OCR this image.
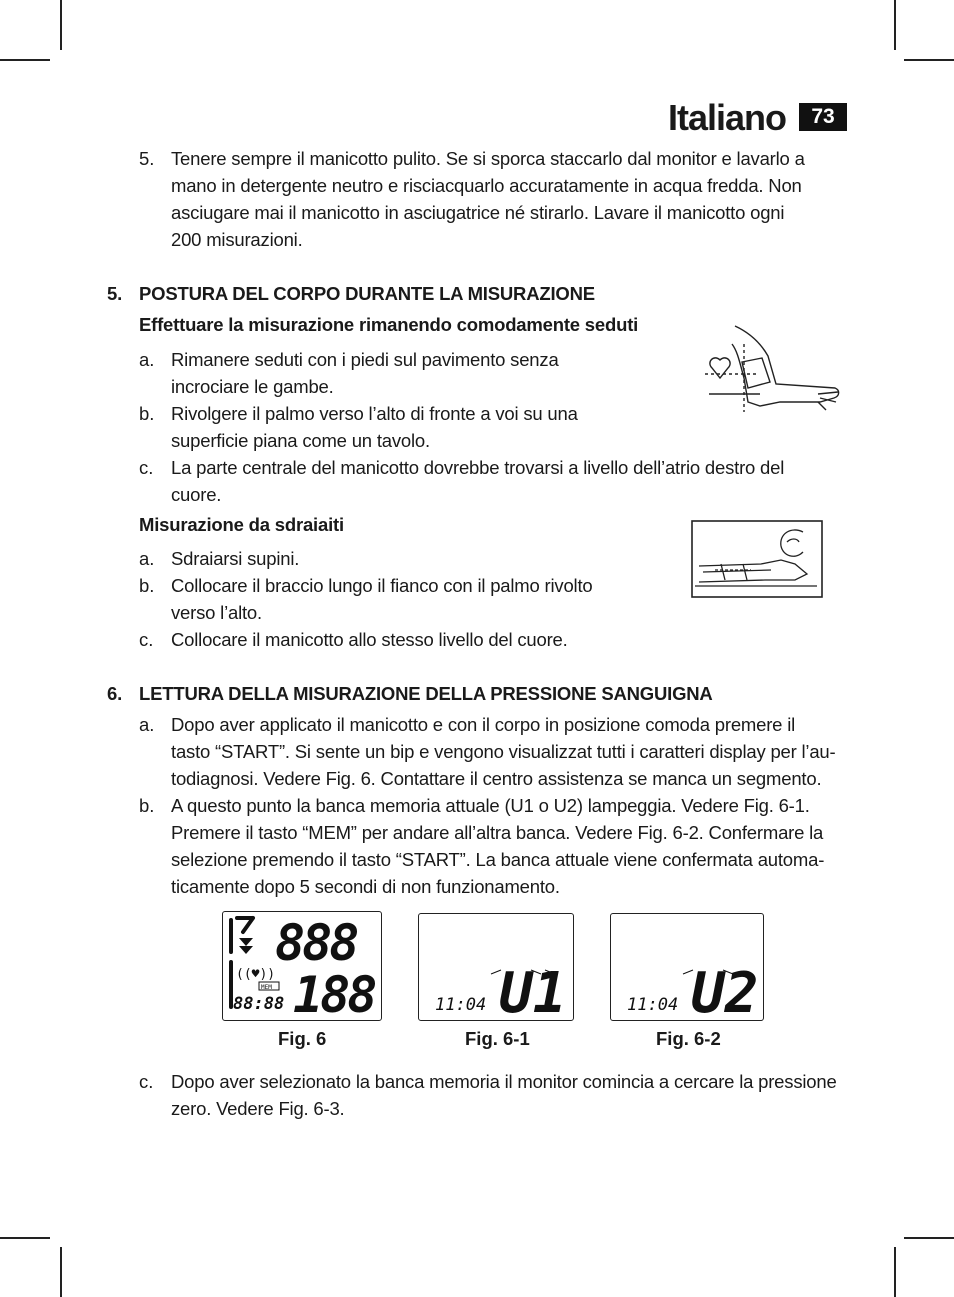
Italiano	73
5. Tenere sempre il manicotto pulito. Se si sporca staccarlo dal monitor e lavarlo a
mano in detergente neutro e risciacquarlo accuratamente in acqua fredda. Non
asciugare mai il manicotto in asciugatrice né stirarlo. Lavare il manicotto ogni
200 misurazioni.
5. POSTURA DEL CORPO DURANTE LA MISURAZIONE
Effettuare la misurazione rimanendo comodamente seduti
a. Rimanere seduti con i piedi sul pavimento senza
incrociare le gambe.
b. Rivolgere il palmo verso l’alto di fronte a voi su una
superficie piana come un tavolo.
c. La parte centrale del manicotto dovrebbe trovarsi a livello dell’atrio destro del
cuore.
Misurazione da sdraiaiti
a. Sdraiarsi supini.
b. Collocare il braccio lungo il fianco con il palmo rivolto
verso l’alto.
c. Collocare il manicotto allo stesso livello del cuore.
6. LETTURA DELLA MISURAZIONE DELLA PRESSIONE SANGUIGNA
a. Dopo aver applicato il manicotto e con il corpo in posizione comoda premere il
tasto “START”. Si sente un bip e vengono visualizzat tutti i caratteri display per l’au-
todiagnosi. Vedere Fig. 6. Contattare il centro assistenza se manca un segmento.
b. A questo punto la banca memoria attuale (U1 o U2) lampeggia. Vedere Fig. 6-1.
Premere il tasto “MEM” per andare all’altra banca. Vedere Fig. 6-2. Confermare la
selezione premendo il tasto “START”. La banca attuale viene confermata automa-
ticamente dopo 5 secondi di non funzionamento.
((♥))
MEM
88:88
888
188
Fig. 6
11:04 U1
Fig. 6-1
11:04 U2
Fig. 6-2
c. Dopo aver selezionato la banca memoria il monitor comincia a cercare la pressione
zero. Vedere Fig. 6-3.
